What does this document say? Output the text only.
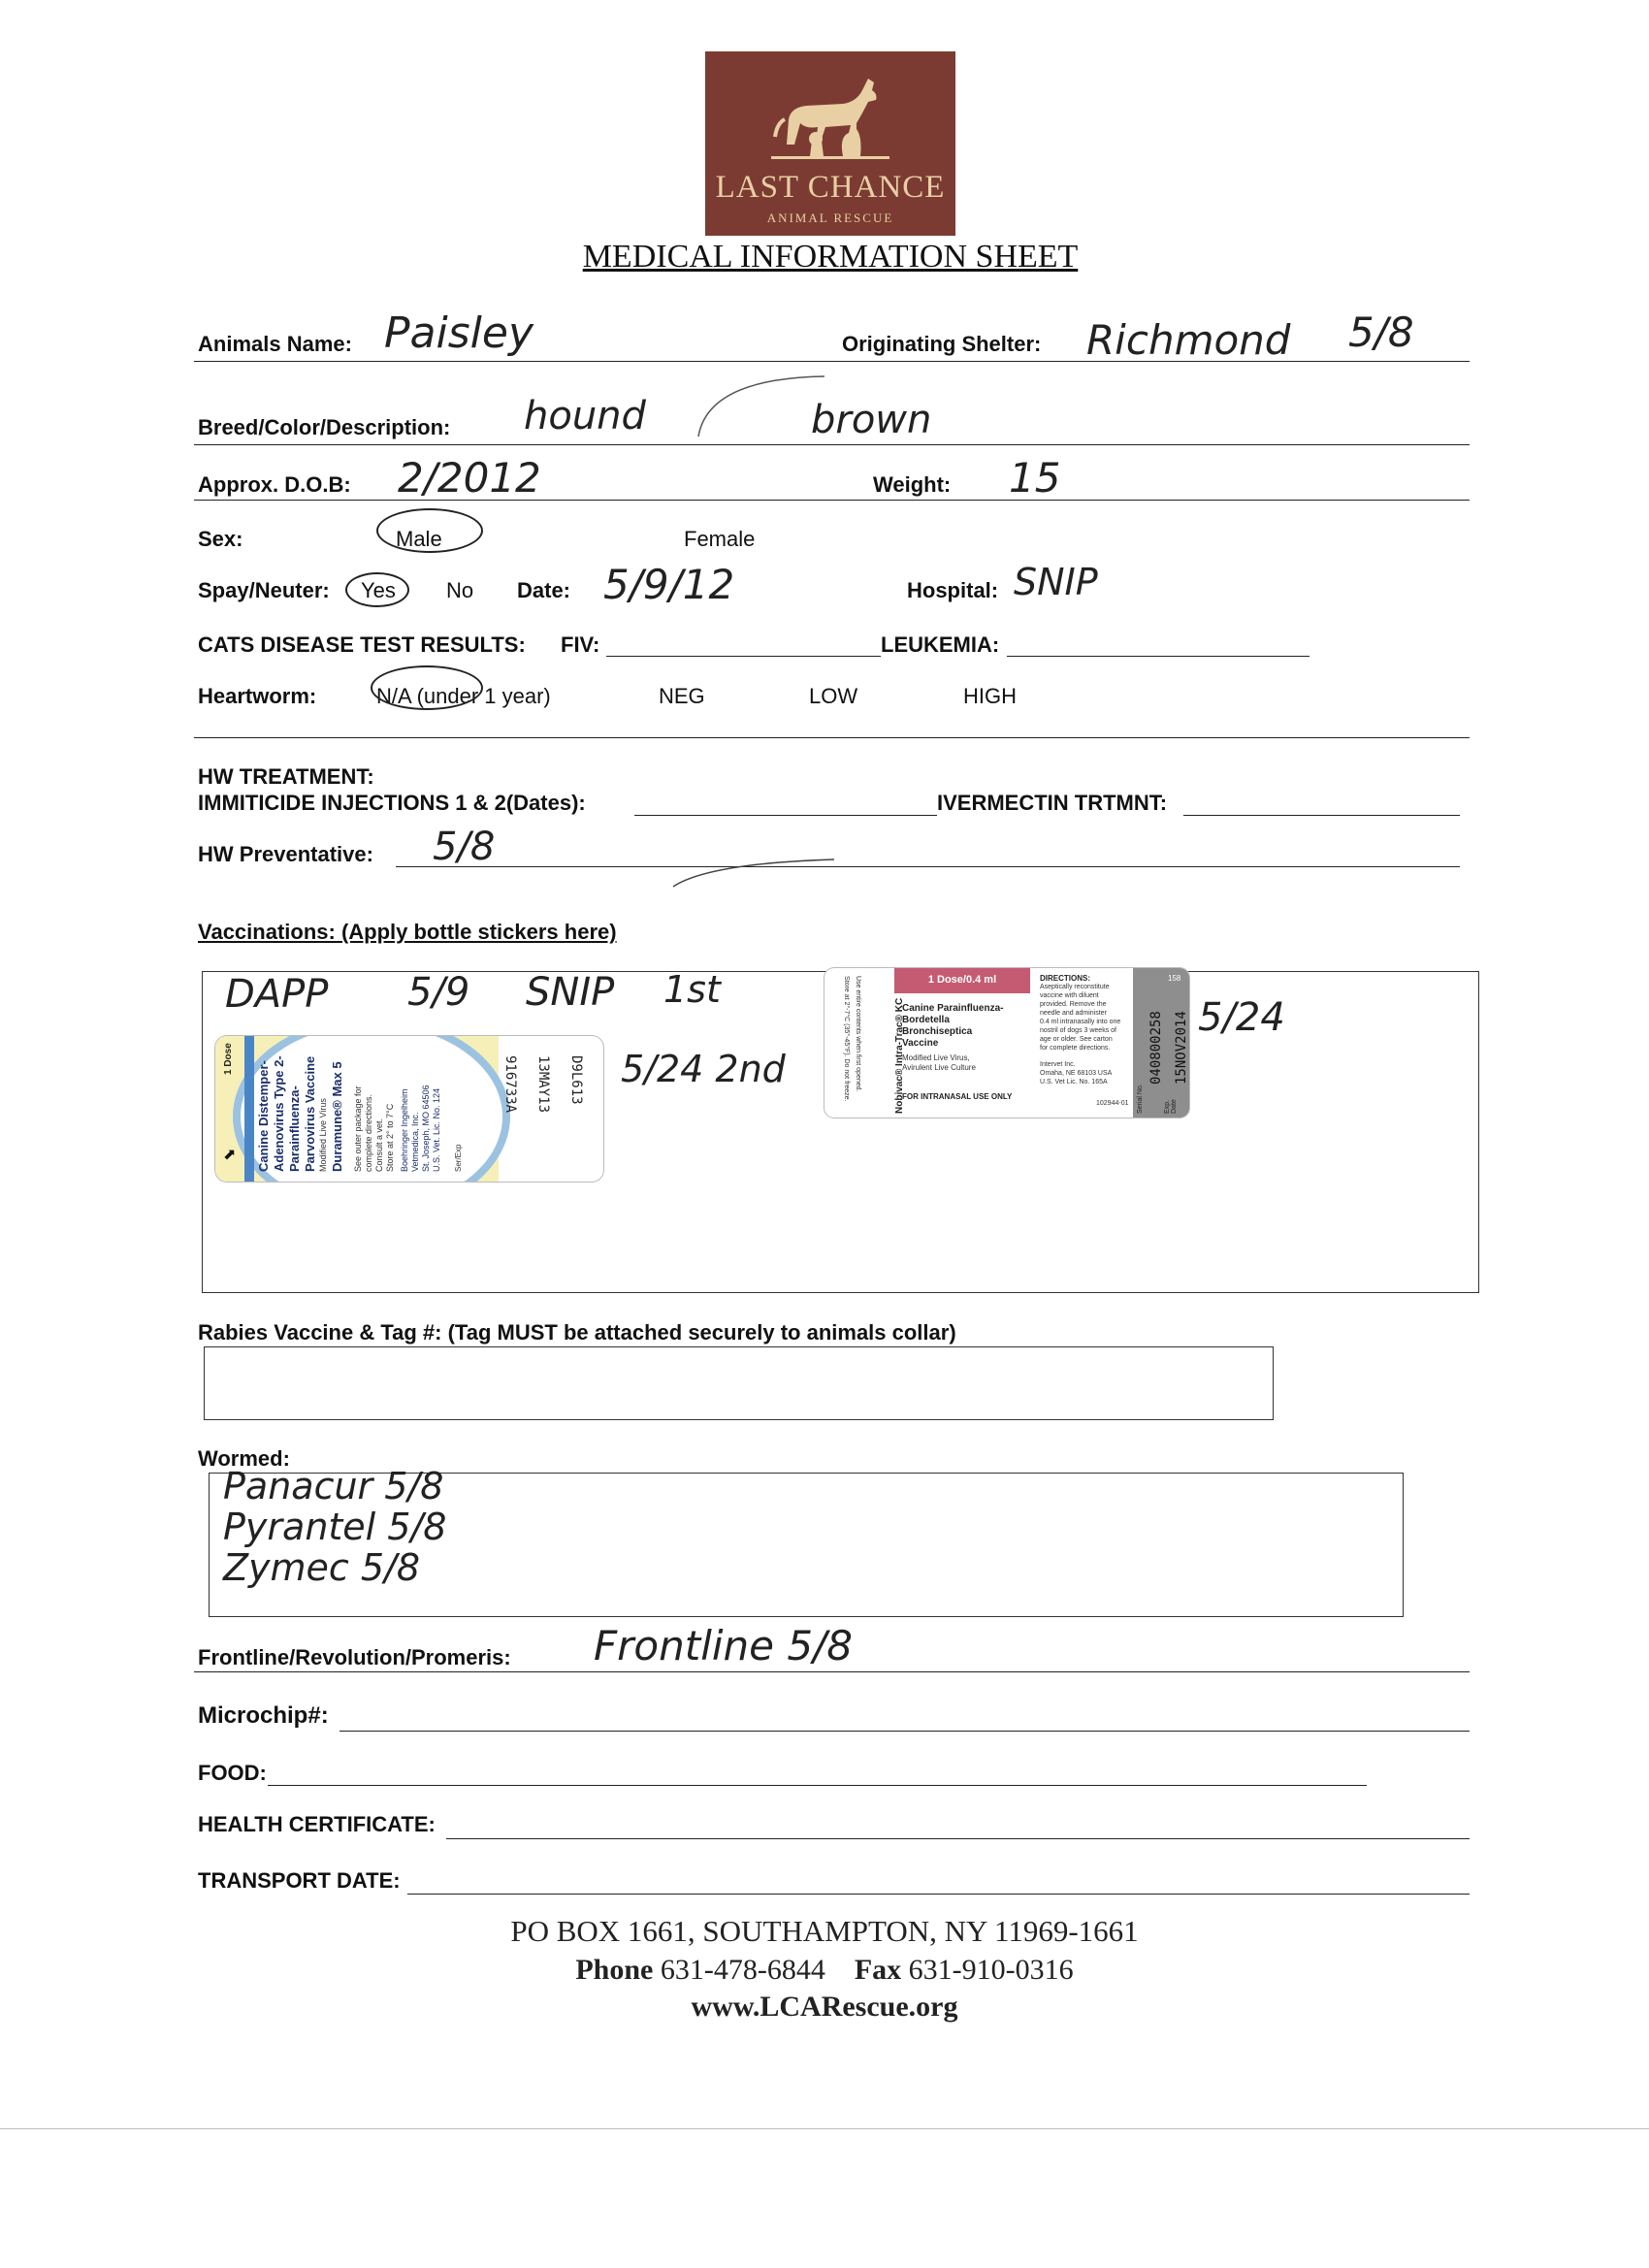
LAST CHANCE
ANIMAL RESCUE
MEDICAL INFORMATION SHEET
Animals Name: Paisley	Originating Shelter: Richmond 5/8
Breed/Color/Description: hound	brown
Approx. D.O.B: 2/2012	Weight: 15
Sex:	Male	Female
Spay/Neuter: Yes No Date: 5/9/12	Hospital: SNIP
CATS DISEASE TEST RESULTS: FIV:	LEUKEMIA:
Heartworm:	N/A (under 1 year)	NEG	LOW	HIGH
HW TREATMENT:
IMMITICIDE INJECTIONS 1 & 2(Dates):	IVERMECTIN TRTMNT:
HW Preventative: 5/8
Vaccinations: (Apply bottle stickers here)
DAPP 5/9 SNIP 1st
5/24 2nd
5/24
1 Dose
Canine Distemper- Adenovirus Type 2- Parainfluenza- Parvovirus Vaccine Modified Live Virus Duramune® Max 5 See outer package for complete directions. Consult a vet. Store at 2° to 7°C Boehringer Ingelheim Vetmedica, Inc. St. Joseph, MO 64506 U.S. Vet. Lic. No. 124 Ser/Exp
916733A 13MAY13 D9L613
⬈
Store at 2°-7°C (35°-45°F). Do not freeze. Use entire contents when first opened.	Nobivac® Intra-Trac® KC
1 Dose/0.4 ml
Canine Parainfluenza-
Bordetella
Bronchiseptica
Vaccine
Modified Live Virus,
Avirulent Live Culture
FOR INTRANASAL USE ONLY
DIRECTIONS:
Aseptically reconstitute
vaccine with diluent
provided. Remove the
needle and administer
0.4 ml intranasally into one
nostril of dogs 3 weeks of
age or older. See carton
for complete directions.
Intervet Inc.
Omaha, NE 68103 USA
U.S. Vet Lic. No. 165A
102944-01
158
Serial No.
040800258
Exp. Date
15NOV2014
Rabies Vaccine & Tag #: (Tag MUST be attached securely to animals collar)
Wormed:
Panacur 5/8
Pyrantel 5/8
Zymec 5/8
Frontline/Revolution/Promeris: Frontline 5/8
Microchip#:
FOOD:
HEALTH CERTIFICATE:
TRANSPORT DATE:
PO BOX 1661, SOUTHAMPTON, NY 11969-1661
Phone 631-478-6844 Fax 631-910-0316
www.LCARescue.org
